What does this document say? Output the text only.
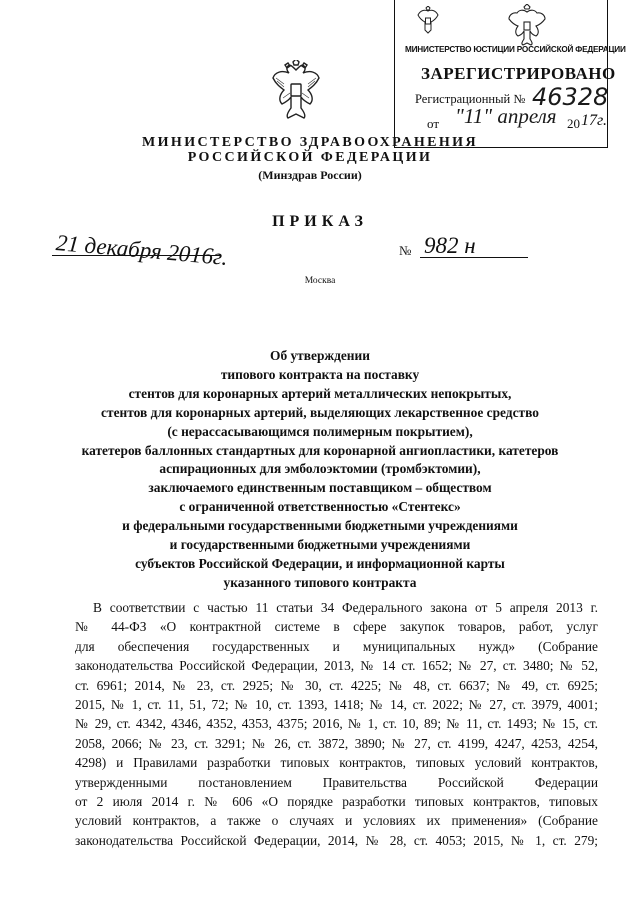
МИНИСТЕРСТВО ЮСТИЦИИ РОССИЙСКОЙ ФЕДЕРАЦИИ
ЗАРЕГИСТРИРОВАНО
Регистрационный № 46328
от "11" апреля 20 17г.
МИНИСТЕРСТВО ЗДРАВООХРАНЕНИЯ
РОССИЙСКОЙ ФЕДЕРАЦИИ
(Минздрав России)
ПРИКАЗ
21 декабря 2016г.	№ 982 н
Москва
Об утверждении
типового контракта на поставку
стентов для коронарных артерий металлических непокрытых,
стентов для коронарных артерий, выделяющих лекарственное средство
(с нерассасывающимся полимерным покрытием),
катетеров баллонных стандартных для коронарной ангиопластики, катетеров
аспирационных для эмболоэктомии (тромбэктомии),
заключаемого единственным поставщиком – обществом
с ограниченной ответственностью «Стентекс»
и федеральными государственными бюджетными учреждениями
и государственными бюджетными учреждениями
субъектов Российской Федерации, и информационной карты
указанного типового контракта
В соответствии с частью 11 статьи 34 Федерального закона от 5 апреля 2013 г.
№ 44-ФЗ «О контрактной системе в сфере закупок товаров, работ, услуг
для обеспечения государственных и муниципальных нужд» (Собрание
законодательства Российской Федерации, 2013, № 14 ст. 1652; № 27, ст. 3480; № 52,
ст. 6961; 2014, № 23, ст. 2925; № 30, ст. 4225; № 48, ст. 6637; № 49, ст. 6925;
2015, № 1, ст. 11, 51, 72; № 10, ст. 1393, 1418; № 14, ст. 2022; № 27, ст. 3979, 4001;
№ 29, ст. 4342, 4346, 4352, 4353, 4375; 2016, № 1, ст. 10, 89; № 11, ст. 1493; № 15, ст.
2058, 2066; № 23, ст. 3291; № 26, ст. 3872, 3890; № 27, ст. 4199, 4247, 4253, 4254,
4298) и Правилами разработки типовых контрактов, типовых условий контрактов,
утвержденными постановлением Правительства Российской Федерации
от 2 июля 2014 г. № 606 «О порядке разработки типовых контрактов, типовых
условий контрактов, а также о случаях и условиях их применения» (Собрание
законодательства Российской Федерации, 2014, № 28, ст. 4053; 2015, № 1, ст. 279;
